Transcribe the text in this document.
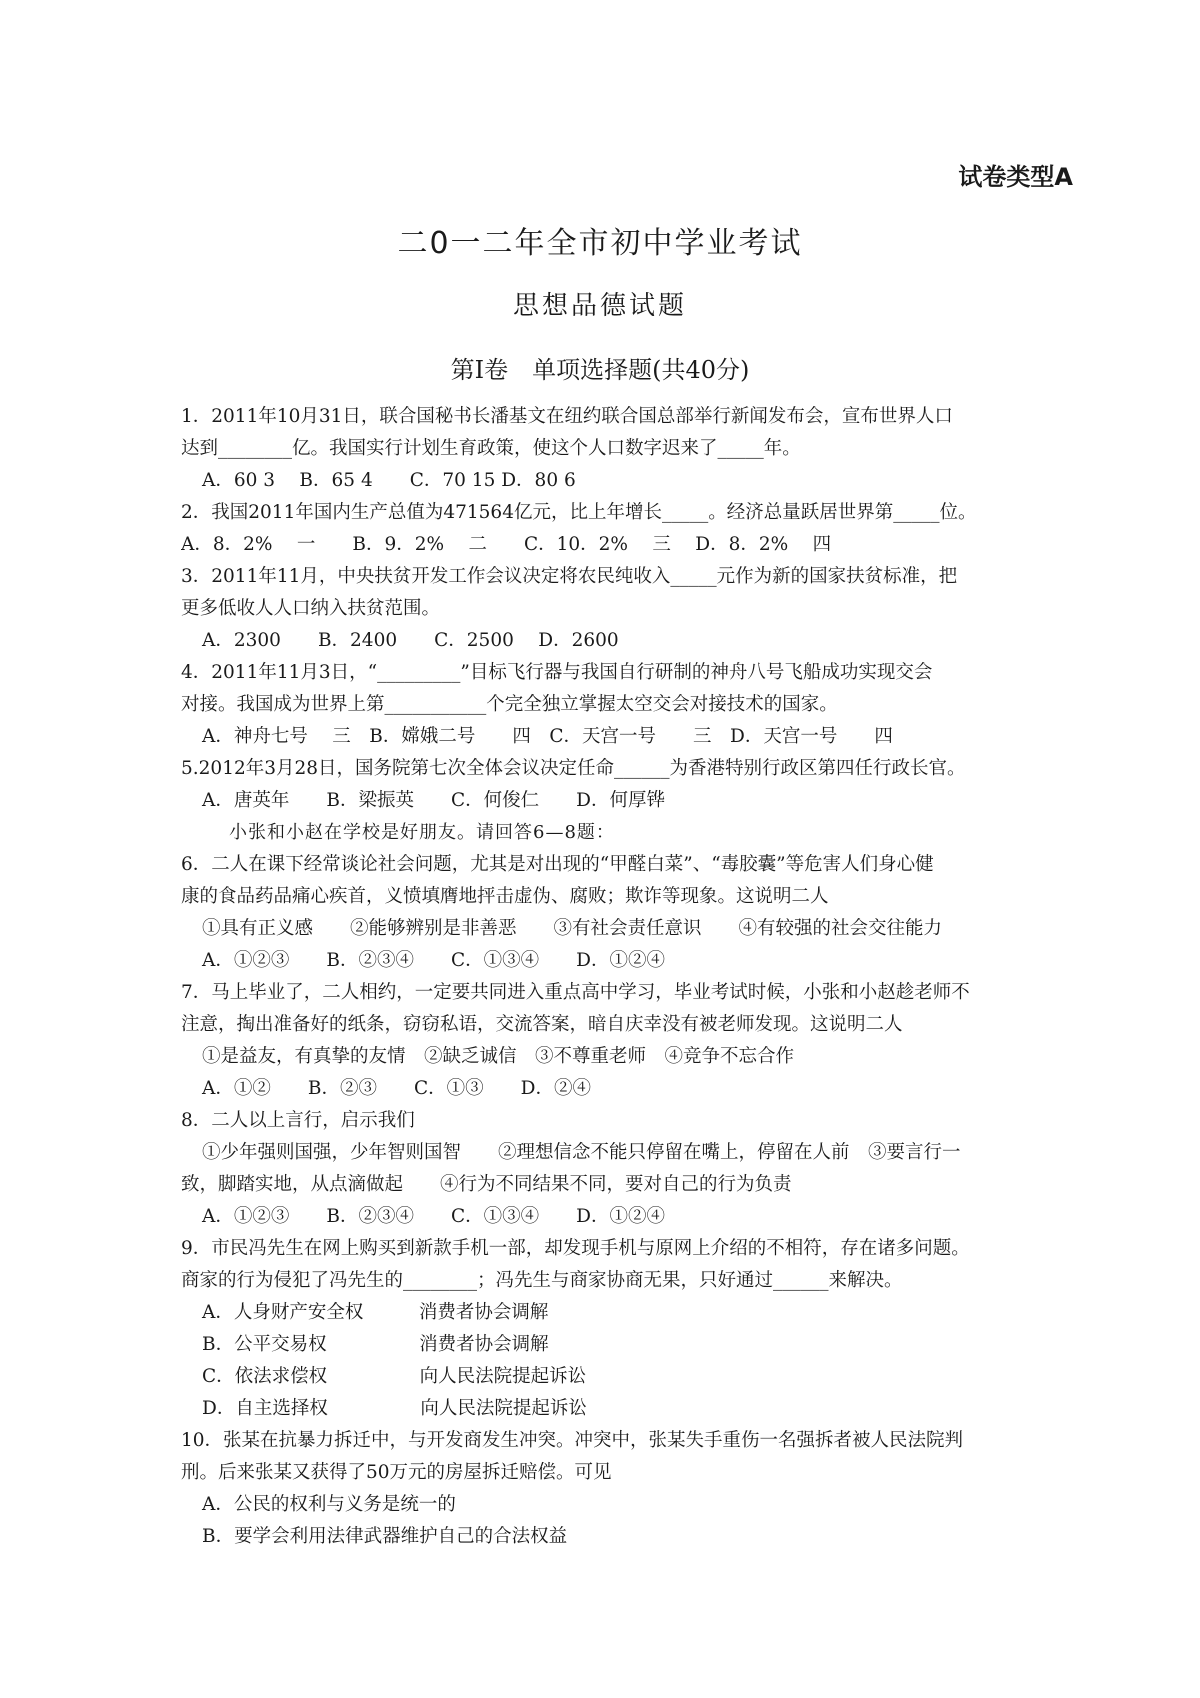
试卷类型A
二0一二年全市初中学业考试
思想品德试题
第Ⅰ卷　单项选择题(共40分)
1．2011年10月31日，联合国秘书长潘基文在纽约联合国总部举行新闻发布会，宣布世界人口
达到________亿。我国实行计划生育政策，使这个人口数字迟来了_____年。
A．60 3　 B．65 4　　C．70 15 D．80 6
2．我国2011年国内生产总值为471564亿元，比上年增长_____。经济总量跃居世界第_____位。
A．8．2%　 一　　B．9．2%　 二　　C．10．2%　 三　 D．8．2%　 四
3．2011年11月，中央扶贫开发工作会议决定将农民纯收入_____元作为新的国家扶贫标准，把
更多低收人人口纳入扶贫范围。
A．2300　　B．2400　　C．2500　 D．2600
4．2011年11月3日，“_________”目标飞行器与我国自行研制的神舟八号飞船成功实现交会
对接。我国成为世界上第___________个完全独立掌握太空交会对接技术的国家。
A．神舟七号　 三　B．嫦娥二号　　四　C．天宫一号　　三　D．天宫一号　　四
5.2012年3月28日，国务院第七次全体会议决定任命______为香港特别行政区第四任行政长官。
A．唐英年　　B．梁振英　　C．何俊仁　　D．何厚铧
小张和小赵在学校是好朋友。请回答6—8题：
6．二人在课下经常谈论社会问题，尤其是对出现的“甲醛白菜”、“毒胶囊”等危害人们身心健
康的食品药品痛心疾首，义愤填膺地抨击虚伪、腐败；欺诈等现象。这说明二人
①具有正义感　　②能够辨别是非善恶　　③有社会责任意识　　④有较强的社会交往能力
A．①②③　　B．②③④　　C．①③④　　D．①②④
7．马上毕业了，二人相约，一定要共同进入重点高中学习，毕业考试时候，小张和小赵趁老师不
注意，掏出准备好的纸条，窃窃私语，交流答案，暗自庆幸没有被老师发现。这说明二人
①是益友，有真挚的友情　②缺乏诚信　③不尊重老师　④竞争不忘合作
A．①②　　B．②③　　C．①③　　D．②④
8．二人以上言行，启示我们
①少年强则国强，少年智则国智　　②理想信念不能只停留在嘴上，停留在人前　③要言行一
致，脚踏实地，从点滴做起　　④行为不同结果不同，要对自己的行为负责
A．①②③　　B．②③④　　C．①③④　　D．①②④
9．市民冯先生在网上购买到新款手机一部，却发现手机与原网上介绍的不相符，存在诸多问题。
商家的行为侵犯了冯先生的________；冯先生与商家协商无果，只好通过______来解决。
A．人身财产安全权　　　消费者协会调解
B．公平交易权　　　　　消费者协会调解
C．依法求偿权　　　　　向人民法院提起诉讼
D．自主选择权　　　　　向人民法院提起诉讼
10．张某在抗暴力拆迁中，与开发商发生冲突。冲突中，张某失手重伤一名强拆者被人民法院判
刑。后来张某又获得了50万元的房屋拆迁赔偿。可见
A．公民的权利与义务是统一的
B．要学会利用法律武器维护自己的合法权益
